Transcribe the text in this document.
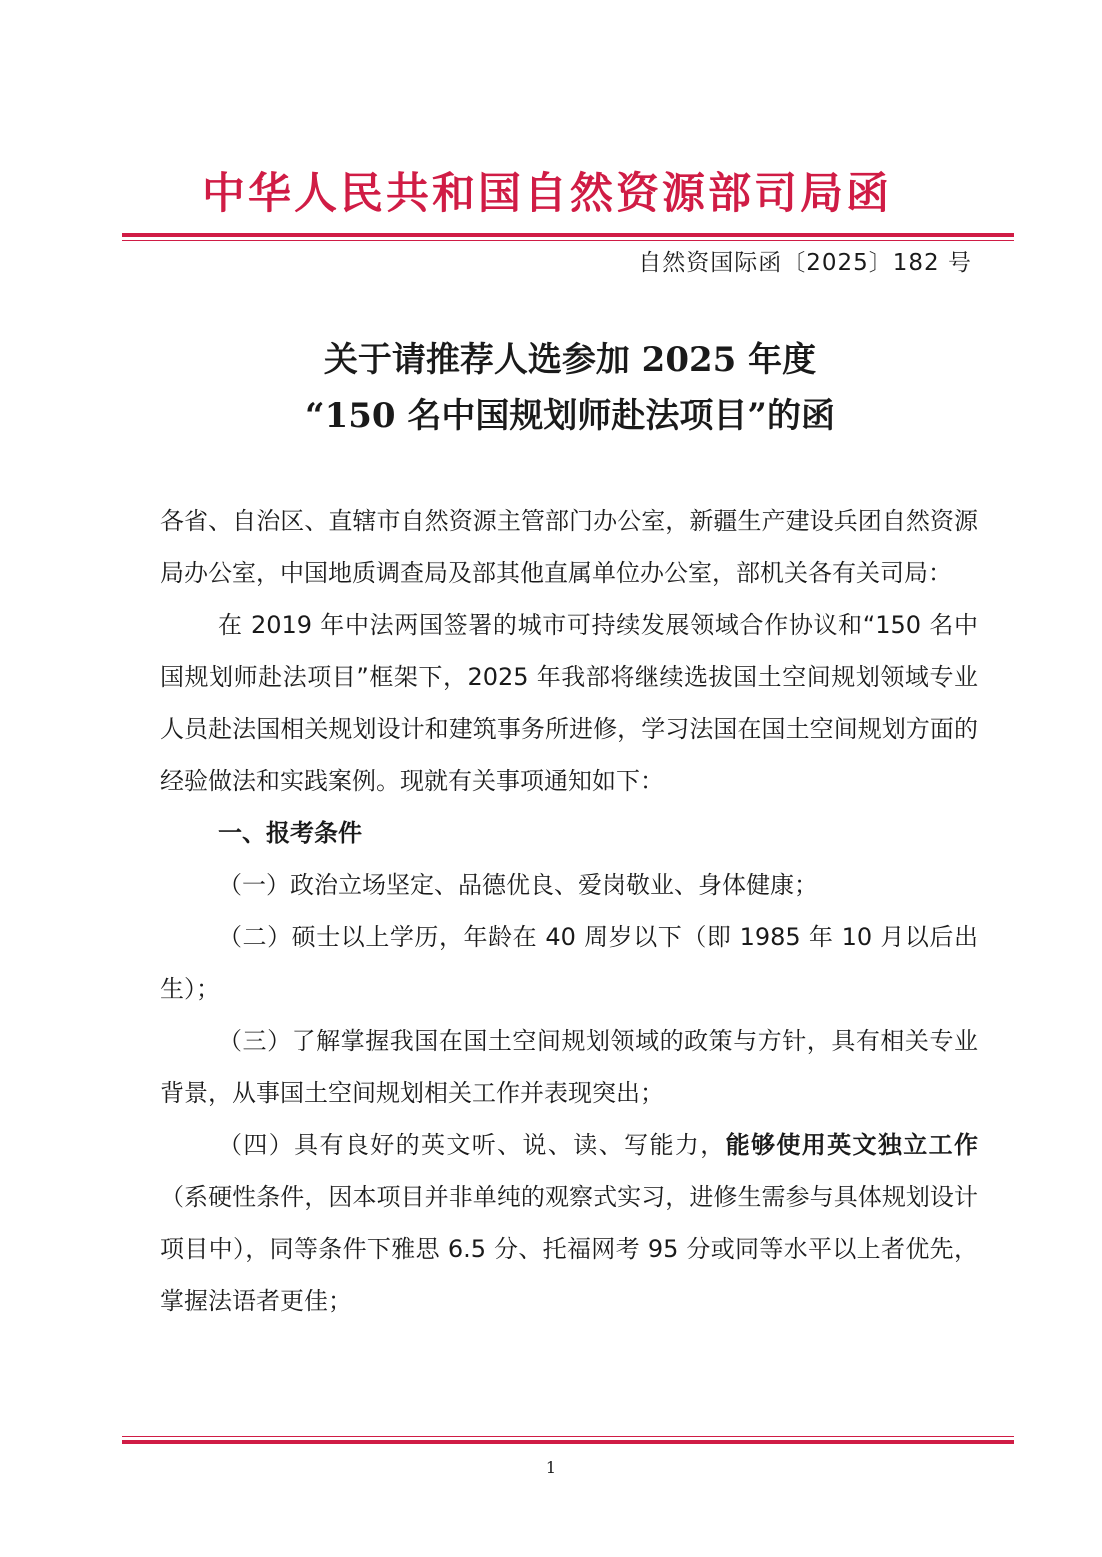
中华人民共和国自然资源部司局函
自然资国际函〔2025〕182 号
关于请推荐人选参加 2025 年度
“150 名中国规划师赴法项目”的函

各省、自治区、直辖市自然资源主管部门办公室，新疆生产建设兵团自然资源局办公室，中国地质调查局及部其他直属单位办公室，部机关各有关司局：

在 2019 年中法两国签署的城市可持续发展领域合作协议和“150 名中国规划师赴法项目”框架下，2025 年我部将继续选拔国土空间规划领域专业人员赴法国相关规划设计和建筑事务所进修，学习法国在国土空间规划方面的经验做法和实践案例。现就有关事项通知如下：

一、报考条件

（一）政治立场坚定、品德优良、爱岗敬业、身体健康；

（二）硕士以上学历，年龄在 40 周岁以下（即 1985 年 10 月以后出生）；

（三）了解掌握我国在国土空间规划领域的政策与方针，具有相关专业背景，从事国土空间规划相关工作并表现突出；

（四）具有良好的英文听、说、读、写能力，能够使用英文独立工作（系硬性条件，因本项目并非单纯的观察式实习，进修生需参与具体规划设计项目中），同等条件下雅思 6.5 分、托福网考 95 分或同等水平以上者优先，掌握法语者更佳；

1
